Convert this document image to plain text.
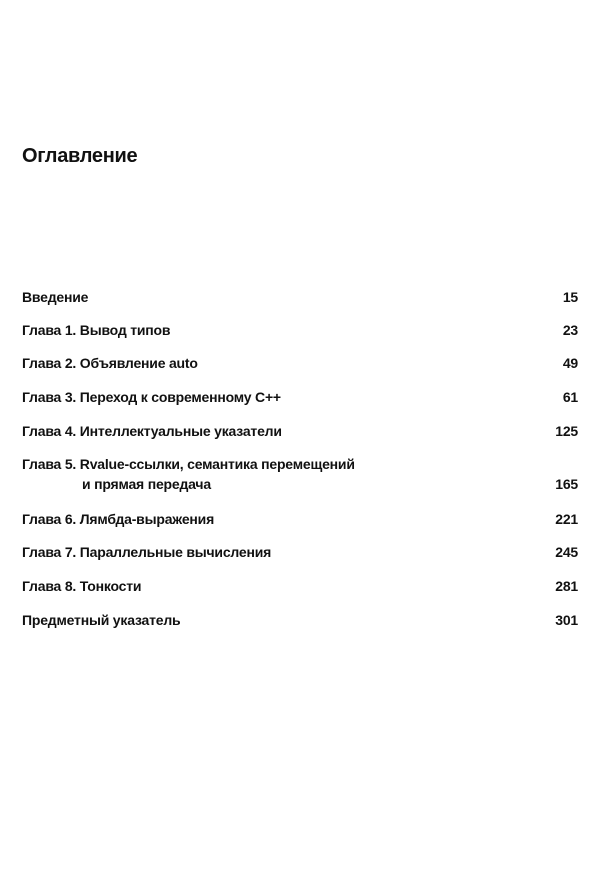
Оглавление
Введение	15
Глава 1. Вывод типов	23
Глава 2. Объявление auto	49
Глава 3. Переход к современному C++	61
Глава 4. Интеллектуальные указатели	125
Глава 5. Rvalue-ссылки, семантика перемещений
и прямая передача	165
Глава 6. Лямбда-выражения	221
Глава 7. Параллельные вычисления	245
Глава 8. Тонкости	281
Предметный указатель	301
